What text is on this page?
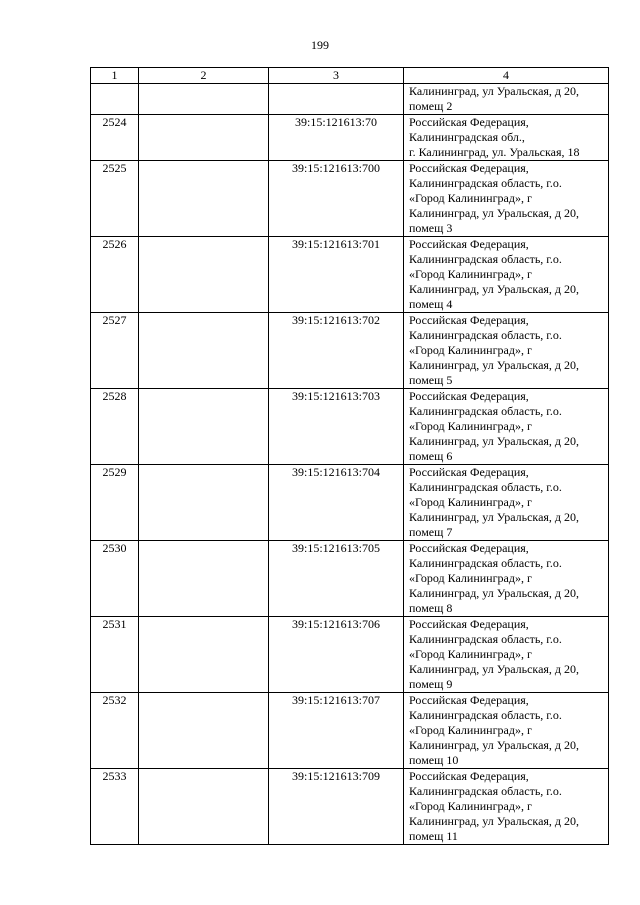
199
1	2	3	4

			Калининград, ул Уральская, д 20,
помещ 2

2524		39:15:121613:70	Российская Федерация,
Калининградская обл.,
г. Калининград, ул. Уральская, 18

2525		39:15:121613:700	Российская Федерация,
Калининградская область, г.о.
«Город Калининград», г
Калининград, ул Уральская, д 20,
помещ 3

2526		39:15:121613:701	Российская Федерация,
Калининградская область, г.о.
«Город Калининград», г
Калининград, ул Уральская, д 20,
помещ 4

2527		39:15:121613:702	Российская Федерация,
Калининградская область, г.о.
«Город Калининград», г
Калининград, ул Уральская, д 20,
помещ 5

2528		39:15:121613:703	Российская Федерация,
Калининградская область, г.о.
«Город Калининград», г
Калининград, ул Уральская, д 20,
помещ 6

2529		39:15:121613:704	Российская Федерация,
Калининградская область, г.о.
«Город Калининград», г
Калининград, ул Уральская, д 20,
помещ 7

2530		39:15:121613:705	Российская Федерация,
Калининградская область, г.о.
«Город Калининград», г
Калининград, ул Уральская, д 20,
помещ 8

2531		39:15:121613:706	Российская Федерация,
Калининградская область, г.о.
«Город Калининград», г
Калининград, ул Уральская, д 20,
помещ 9

2532		39:15:121613:707	Российская Федерация,
Калининградская область, г.о.
«Город Калининград», г
Калининград, ул Уральская, д 20,
помещ 10

2533		39:15:121613:709	Российская Федерация,
Калининградская область, г.о.
«Город Калининград», г
Калининград, ул Уральская, д 20,
помещ 11
